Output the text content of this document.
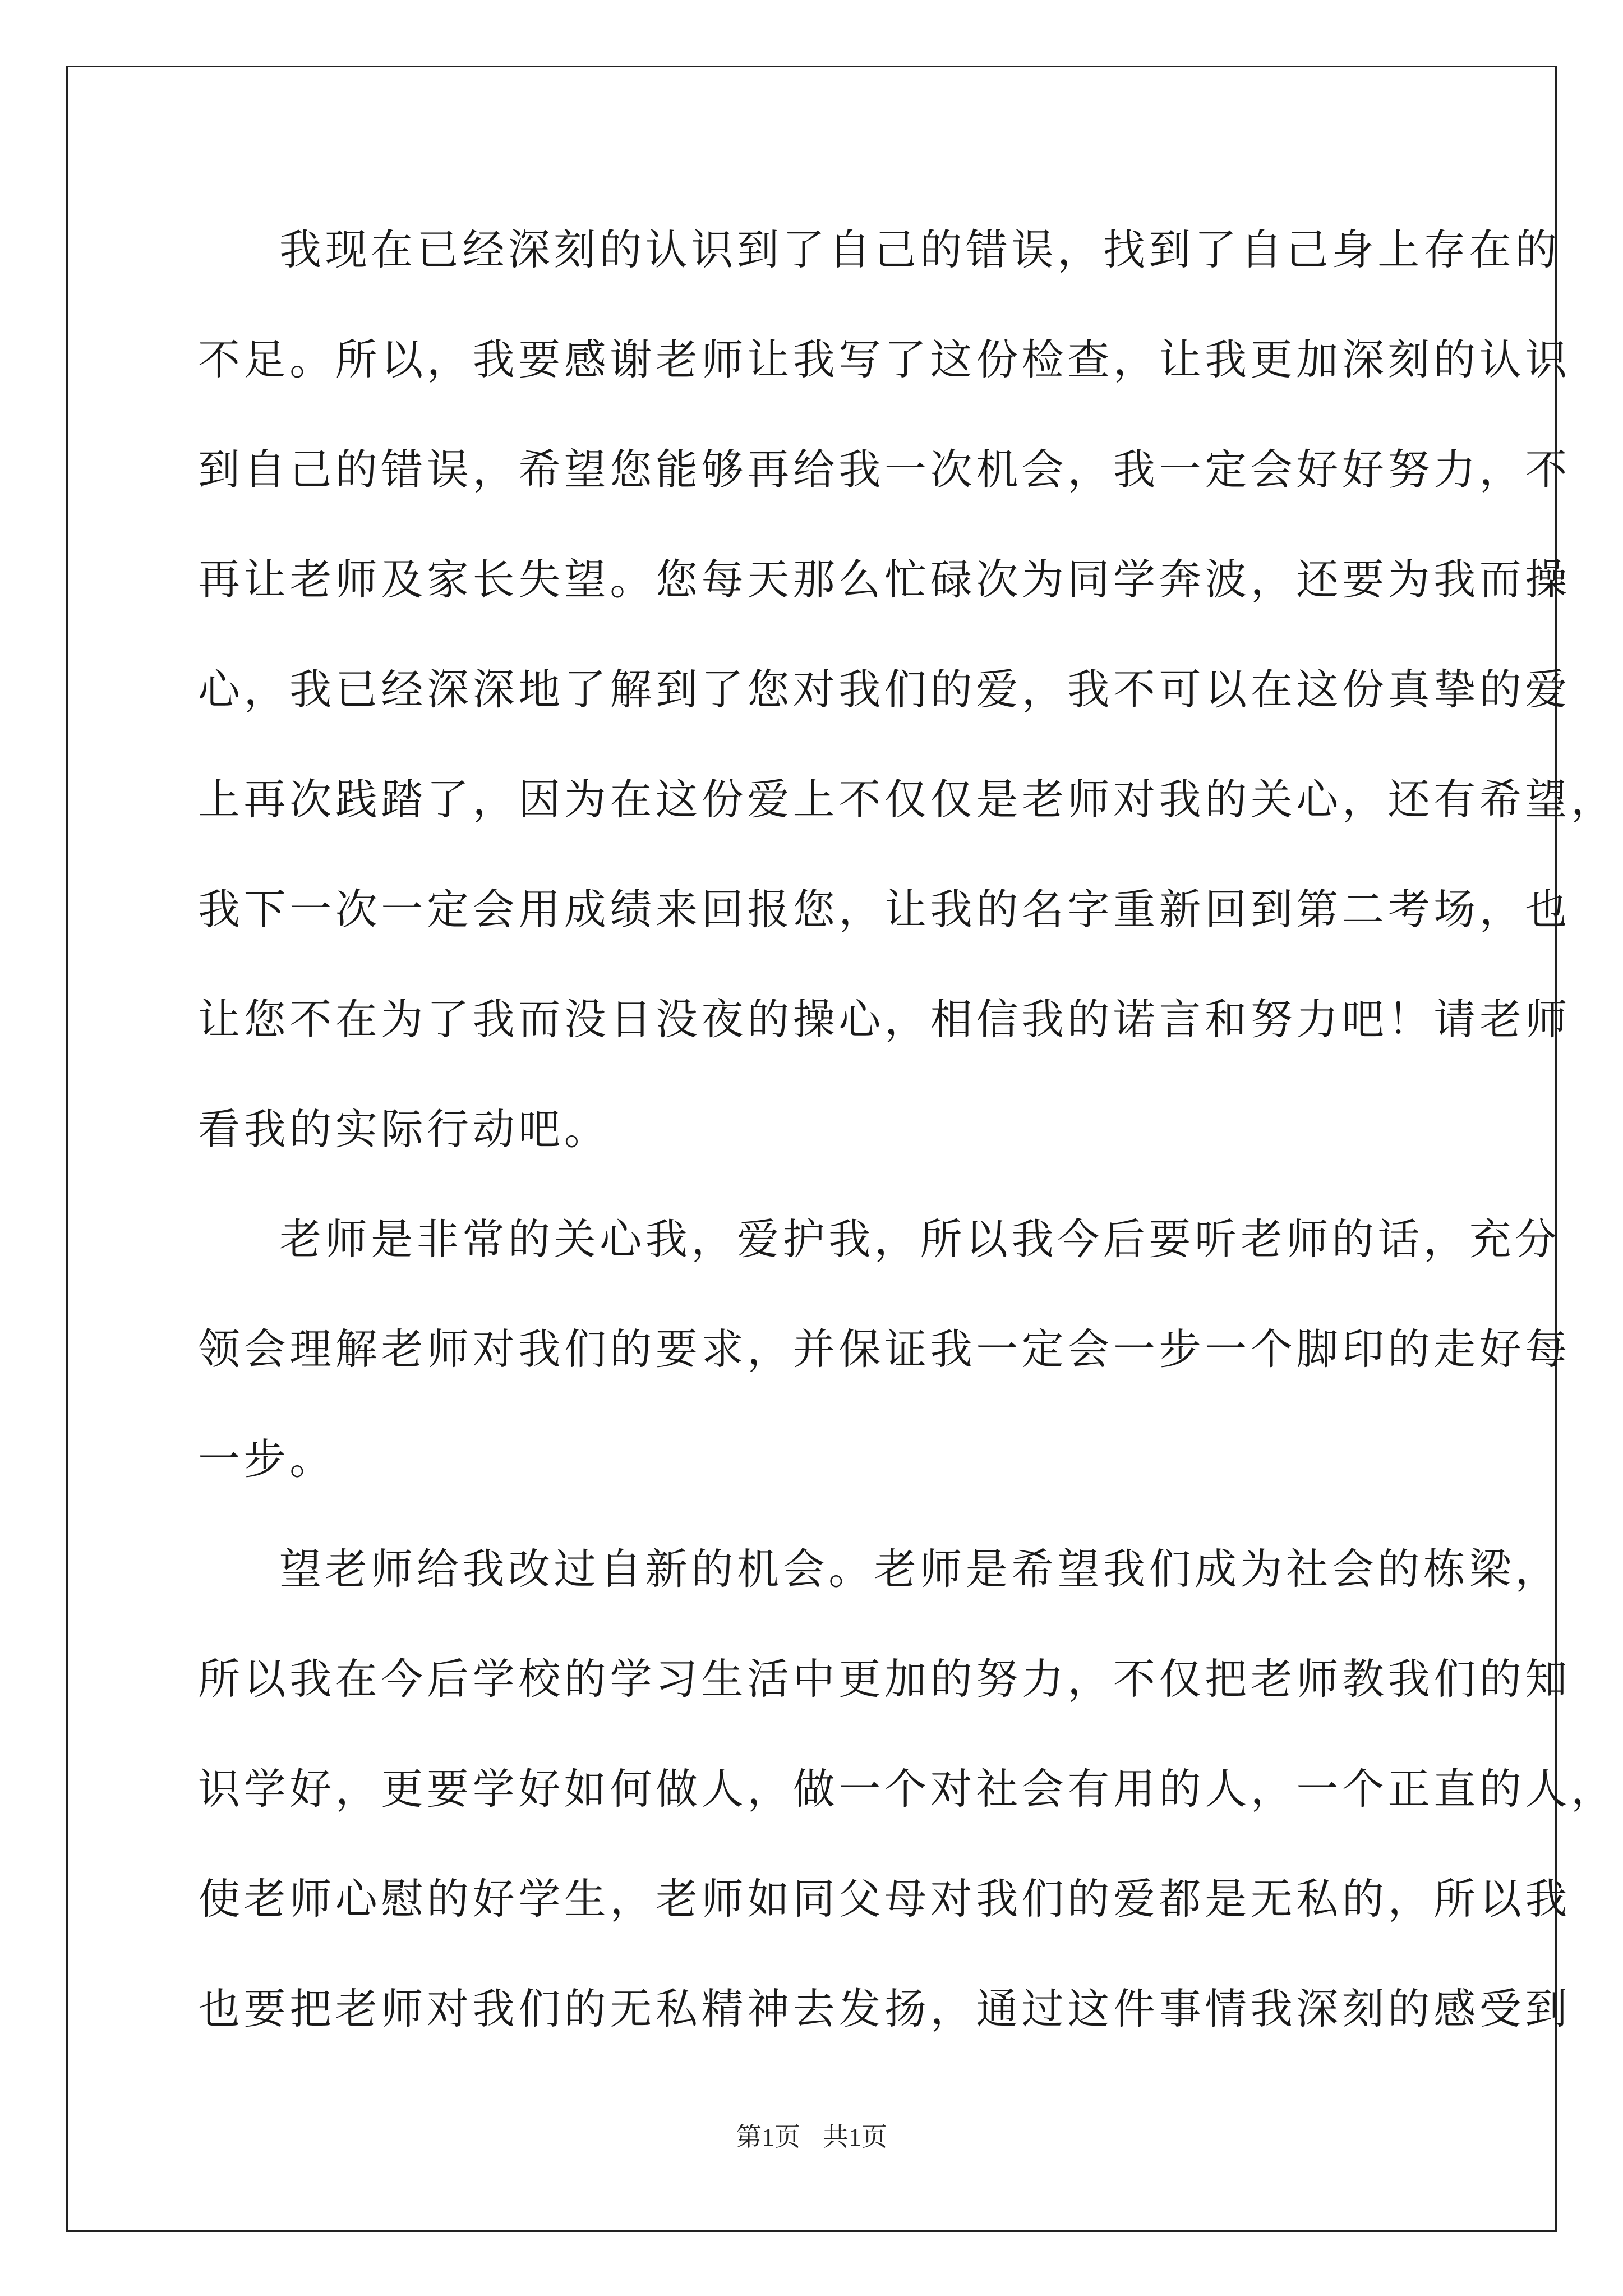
我现在已经深刻的认识到了自己的错误，找到了自己身上存在的
不足。所以，我要感谢老师让我写了这份检查，让我更加深刻的认识
到自己的错误，希望您能够再给我一次机会，我一定会好好努力，不
再让老师及家长失望。您每天那么忙碌次为同学奔波，还要为我而操
心，我已经深深地了解到了您对我们的爱，我不可以在这份真挚的爱
上再次践踏了，因为在这份爱上不仅仅是老师对我的关心，还有希望，
我下一次一定会用成绩来回报您，让我的名字重新回到第二考场，也
让您不在为了我而没日没夜的操心，相信我的诺言和努力吧！请老师
看我的实际行动吧。
老师是非常的关心我，爱护我，所以我今后要听老师的话，充分
领会理解老师对我们的要求，并保证我一定会一步一个脚印的走好每
一步。
望老师给我改过自新的机会。老师是希望我们成为社会的栋梁，
所以我在今后学校的学习生活中更加的努力，不仅把老师教我们的知
识学好，更要学好如何做人，做一个对社会有用的人，一个正直的人，
使老师心慰的好学生，老师如同父母对我们的爱都是无私的，所以我
也要把老师对我们的无私精神去发扬，通过这件事情我深刻的感受到
第1页 共1页
